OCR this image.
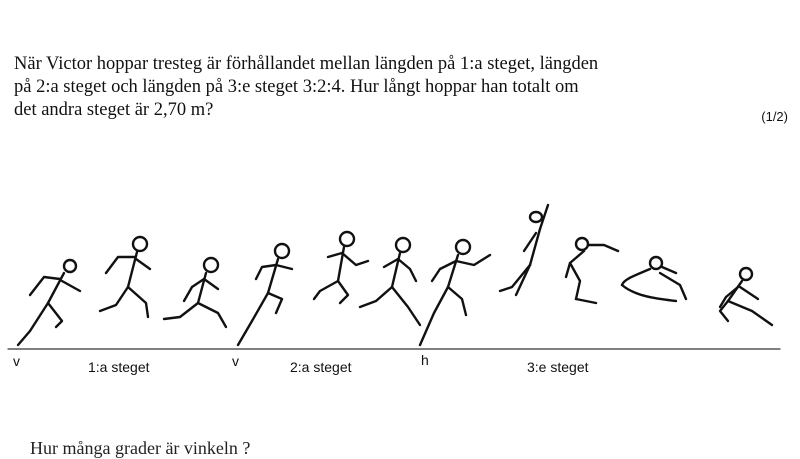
När Victor hoppar tresteg är förhållandet mellan längden på 1:a steget, längden
på 2:a steget och längden på 3:e steget 3:2:4. Hur långt hoppar han totalt om
det andra steget är 2,70 m?	(1/2)
v	1:a steget	v	2:a steget	h	3:e steget
Hur många grader är vinkeln ?
